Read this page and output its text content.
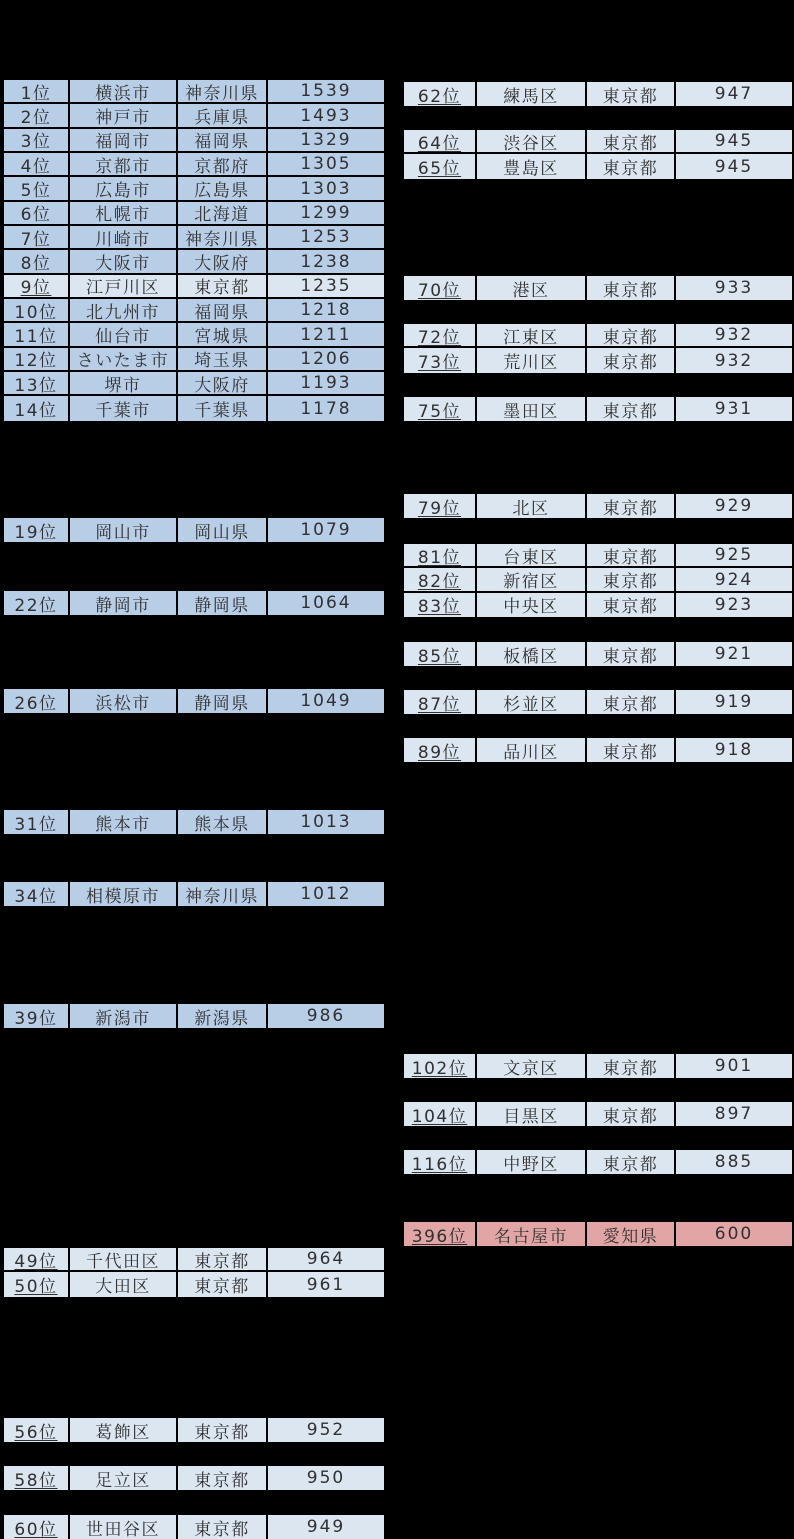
1位	横浜市	神奈川県	1539
2位	神戸市	兵庫県	1493
3位	福岡市	福岡県	1329
4位	京都市	京都府	1305
5位	広島市	広島県	1303
6位	札幌市	北海道	1299
7位	川崎市	神奈川県	1253
8位	大阪市	大阪府	1238
9位	江戸川区	東京都	1235
10位	北九州市	福岡県	1218
11位	仙台市	宮城県	1211
12位	さいたま市	埼玉県	1206
13位	堺市	大阪府	1193
14位	千葉市	千葉県	1178
19位	岡山市	岡山県	1079
22位	静岡市	静岡県	1064
26位	浜松市	静岡県	1049
31位	熊本市	熊本県	1013
34位	相模原市	神奈川県	1012
39位	新潟市	新潟県	986
49位	千代田区	東京都	964
50位	大田区	東京都	961
56位	葛飾区	東京都	952
58位	足立区	東京都	950
60位	世田谷区	東京都	949
62位	練馬区	東京都	947
64位	渋谷区	東京都	945
65位	豊島区	東京都	945
70位	港区	東京都	933
72位	江東区	東京都	932
73位	荒川区	東京都	932
75位	墨田区	東京都	931
79位	北区	東京都	929
81位	台東区	東京都	925
82位	新宿区	東京都	924
83位	中央区	東京都	923
85位	板橋区	東京都	921
87位	杉並区	東京都	919
89位	品川区	東京都	918
102位	文京区	東京都	901
104位	目黒区	東京都	897
116位	中野区	東京都	885
396位	名古屋市	愛知県	600
